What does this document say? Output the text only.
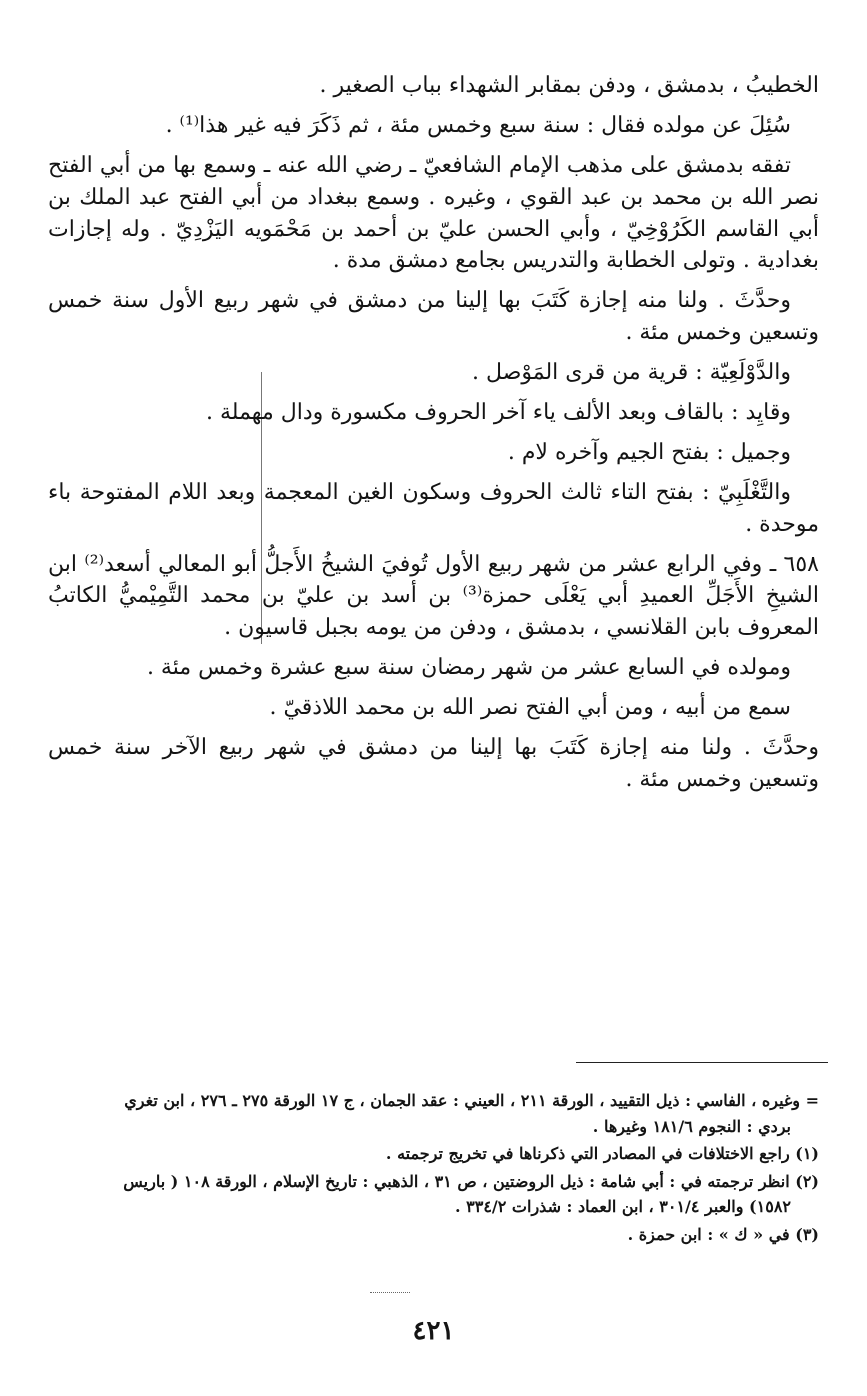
الخطيبُ ، بدمشق ، ودفن بمقابر الشهداء بباب الصغير .

سُئِلَ عن مولده فقال : سنة سبع وخمس مئة ، ثم ذَكَرَ فيه غير هذا⁽¹⁾ .

تفقه بدمشق على مذهب الإمام الشافعيّ ـ رضي الله عنه ـ وسمع بها من أبي الفتح نصر الله بن محمد بن عبد القوي ، وغيره . وسمع ببغداد من أبي الفتح عبد الملك بن أبي القاسم الكَرُوْخِيّ ، وأبي الحسن عليّ بن أحمد بن مَحْمَويه اليَزْدِيّ . وله إجازات بغدادية . وتولى الخطابة والتدريس بجامع دمشق مدة .

وحدَّثَ . ولنا منه إجازة كَتَبَ بها إلينا من دمشق في شهر ربيع الأول سنة خمس وتسعين وخمس مئة .

والدَّوْلَعِيّة : قرية من قرى المَوْصل .

وقايِد : بالقاف وبعد الألف ياء آخر الحروف مكسورة ودال مهملة .

وجميل : بفتح الجيم وآخره لام .

والتَّغْلَبِيّ : بفتح التاء ثالث الحروف وسكون الغين المعجمة وبعد اللام المفتوحة باء موحدة .

٦٥٨ ـ وفي الرابع عشر من شهر ربيع الأول تُوفيَ الشيخُ الأَجلُّ أبو المعالي أسعد⁽²⁾ ابن الشيخِ الأَجَلِّ العميدِ أبي يَعْلَى حمزة⁽³⁾ بن أسد بن عليّ بن محمد التَّمِيْميُّ الكاتبُ المعروف بابن القلانسي ، بدمشق ، ودفن من يومه بجبل قاسيون .

ومولده في السابع عشر من شهر رمضان سنة سبع عشرة وخمس مئة .

سمع من أبيه ، ومن أبي الفتح نصر الله بن محمد اللاذقيّ .

وحدَّثَ . ولنا منه إجازة كَتَبَ بها إلينا من دمشق في شهر ربيع الآخر سنة خمس وتسعين وخمس مئة .

= وغيره ، الفاسي : ذيل التقييد ، الورقة ٢١١ ، العيني : عقد الجمان ، ج ١٧ الورقة ٢٧٥ ـ ٢٧٦ ، ابن تغري
بردي : النجوم ١٨١/٦ وغيرها .
(١) راجع الاختلافات في المصادر التي ذكرناها في تخريج ترجمته .
(٢) انظر ترجمته في : أبي شامة : ذيل الروضتين ، ص ٣١ ، الذهبي : تاريخ الإسلام ، الورقة ١٠٨ ( باريس
١٥٨٢) والعبر ٣٠١/٤ ، ابن العماد : شذرات ٣٣٤/٢ .
(٣) في « ك » : ابن حمزة .
٤٢١
